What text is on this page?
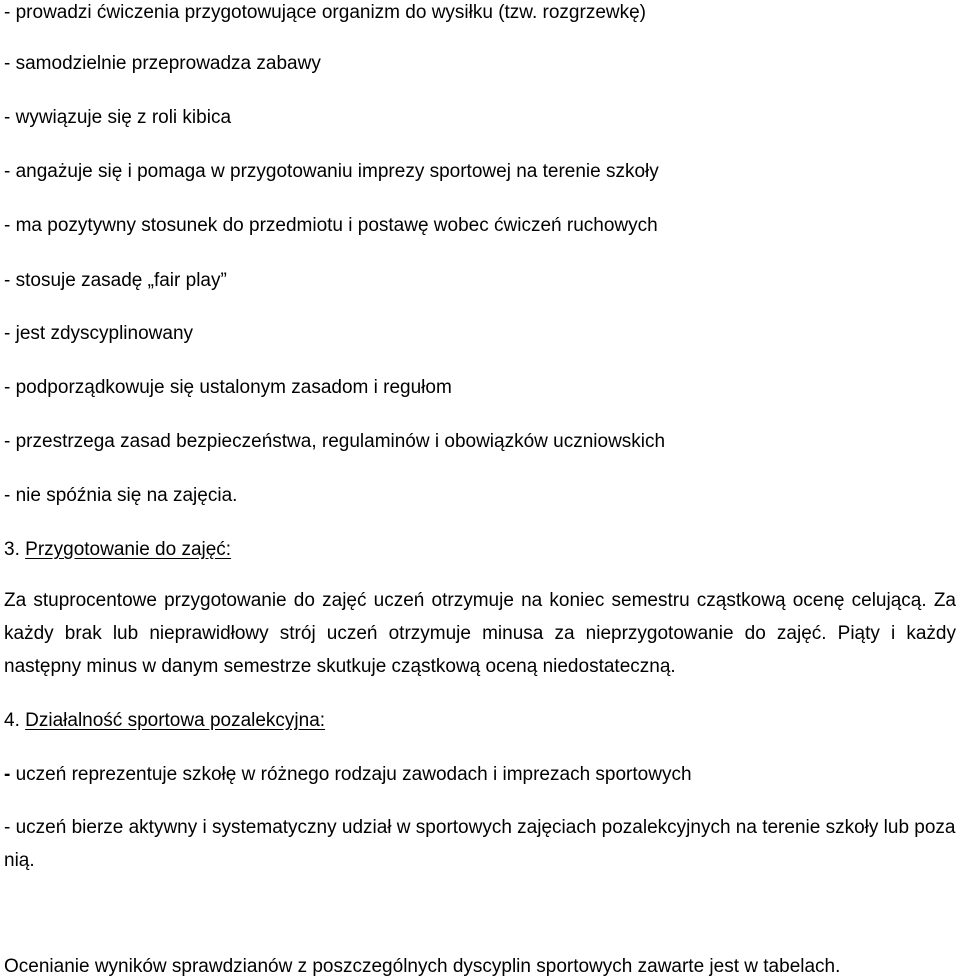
- prowadzi ćwiczenia przygotowujące organizm do wysiłku (tzw. rozgrzewkę)
- samodzielnie przeprowadza zabawy
- wywiązuje się z roli kibica
- angażuje się i pomaga w przygotowaniu imprezy sportowej na terenie szkoły
- ma pozytywny stosunek do przedmiotu i postawę wobec ćwiczeń ruchowych
- stosuje zasadę „fair play”
- jest zdyscyplinowany
- podporządkowuje się ustalonym zasadom i regułom
- przestrzega zasad bezpieczeństwa, regulaminów i obowiązków uczniowskich
- nie spóźnia się na zajęcia.
3. Przygotowanie do zajęć:
Za stuprocentowe przygotowanie do zajęć uczeń otrzymuje na koniec semestru cząstkową ocenę celującą. Za każdy brak lub nieprawidłowy strój uczeń otrzymuje minusa za nieprzygotowanie do zajęć. Piąty i każdy następny minus w danym semestrze skutkuje cząstkową oceną niedostateczną.
4. Działalność sportowa pozalekcyjna:
- uczeń reprezentuje szkołę w różnego rodzaju zawodach i imprezach sportowych
- uczeń bierze aktywny i systematyczny udział w sportowych zajęciach pozalekcyjnych na terenie szkoły lub poza nią.
Ocenianie wyników sprawdzianów z poszczególnych dyscyplin sportowych zawarte jest w tabelach.
